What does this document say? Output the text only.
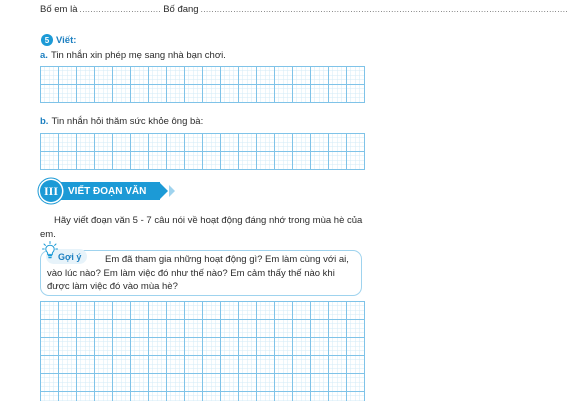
Bố em là .............................. Bố đang .......................................................................................................................................
5 Viết:
a. Tin nhắn xin phép mẹ sang nhà bạn chơi.
b. Tin nhắn hỏi thăm sức khỏe ông bà:
III	VIẾT ĐOẠN VĂN
Hãy viết đoạn văn 5 - 7 câu nói về hoạt động đáng nhớ trong mùa hè của em.
Em đã tham gia những hoạt động gì? Em làm cùng với ai, vào lúc nào? Em làm việc đó như thế nào? Em cảm thấy thế nào khi được làm việc đó vào mùa hè?
Gợi ý
